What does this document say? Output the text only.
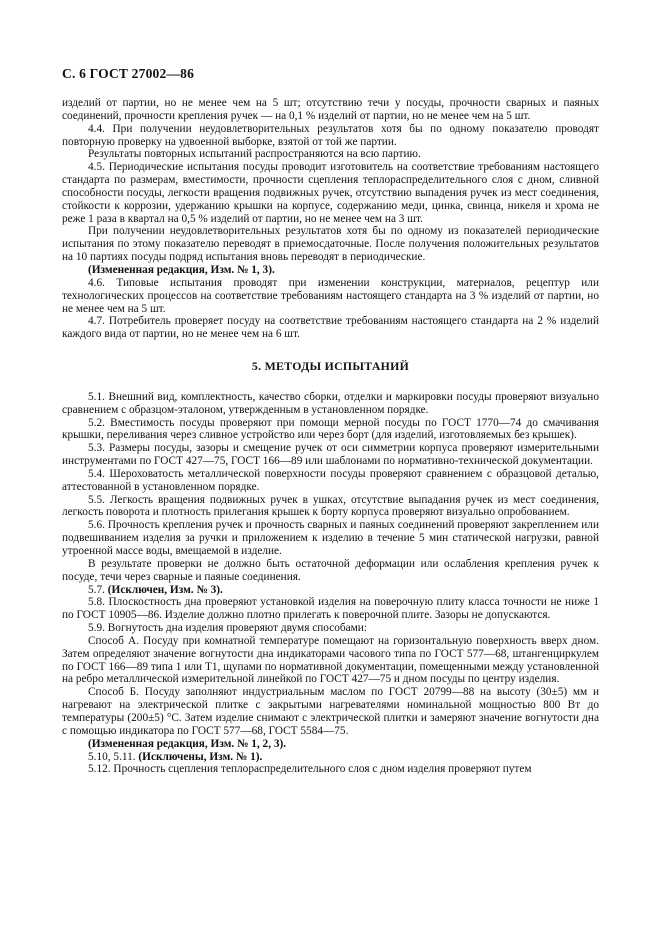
С. 6 ГОСТ 27002—86

изделий от партии, но не менее чем на 5 шт; отсутствию течи у посуды, прочности сварных и паяных соединений, прочности крепления ручек — на 0,1 % изделий от партии, но не менее чем на 5 шт.

4.4. При получении неудовлетворительных результатов хотя бы по одному показателю проводят повторную проверку на удвоенной выборке, взятой от той же партии.

Результаты повторных испытаний распространяются на всю партию.

4.5. Периодические испытания посуды проводит изготовитель на соответствие требованиям настоящего стандарта по размерам, вместимости, прочности сцепления теплораспределительного слоя с дном, сливной способности посуды, легкости вращения подвижных ручек, отсутствию выпадения ручек из мест соединения, стойкости к коррозии, удержанию крышки на корпусе, содержанию меди, цинка, свинца, никеля и хрома не реже 1 раза в квартал на 0,5 % изделий от партии, но не менее чем на 3 шт.

При получении неудовлетворительных результатов хотя бы по одному из показателей периодические испытания по этому показателю переводят в приемосдаточные. После получения положительных результатов на 10 партиях посуды подряд испытания вновь переводят в периодические.

(Измененная редакция, Изм. № 1, 3).

4.6. Типовые испытания проводят при изменении конструкции, материалов, рецептур или технологических процессов на соответствие требованиям настоящего стандарта на 3 % изделий от партии, но не менее чем на 5 шт.

4.7. Потребитель проверяет посуду на соответствие требованиям настоящего стандарта на 2 % изделий каждого вида от партии, но не менее чем на 6 шт.

5. МЕТОДЫ ИСПЫТАНИЙ

5.1. Внешний вид, комплектность, качество сборки, отделки и маркировки посуды проверяют визуально сравнением с образцом-эталоном, утвержденным в установленном порядке.

5.2. Вместимость посуды проверяют при помощи мерной посуды по ГОСТ 1770—74 до смачивания крышки, переливания через сливное устройство или через борт (для изделий, изготовляемых без крышек).

5.3. Размеры посуды, зазоры и смещение ручек от оси симметрии корпуса проверяют измерительными инструментами по ГОСТ 427—75, ГОСТ 166—89 или шаблонами по нормативно-технической документации.

5.4. Шероховатость металлической поверхности посуды проверяют сравнением с образцовой деталью, аттестованной в установленном порядке.

5.5. Легкость вращения подвижных ручек в ушках, отсутствие выпадания ручек из мест соединения, легкость поворота и плотность прилегания крышек к борту корпуса проверяют визуально опробованием.

5.6. Прочность крепления ручек и прочность сварных и паяных соединений проверяют закреплением или подвешиванием изделия за ручки и приложением к изделию в течение 5 мин статической нагрузки, равной утроенной массе воды, вмещаемой в изделие.

В результате проверки не должно быть остаточной деформации или ослабления крепления ручек к посуде, течи через сварные и паяные соединения.

5.7. (Исключен, Изм. № 3).

5.8. Плоскостность дна проверяют установкой изделия на поверочную плиту класса точности не ниже 1 по ГОСТ 10905—86. Изделие должно плотно прилегать к поверочной плите. Зазоры не допускаются.

5.9. Вогнутость дна изделия проверяют двумя способами:

Способ А. Посуду при комнатной температуре помещают на горизонтальную поверхность вверх дном. Затем определяют значение вогнутости дна индикаторами часового типа по ГОСТ 577—68, штангенциркулем по ГОСТ 166—89 типа 1 или Т1, щупами по нормативной документации, помещенными между установленной на ребро металлической измерительной линейкой по ГОСТ 427—75 и дном посуды по центру изделия.

Способ Б. Посуду заполняют индустриальным маслом по ГОСТ 20799—88 на высоту (30±5) мм и нагревают на электрической плитке с закрытыми нагревателями номинальной мощностью 800 Вт до температуры (200±5) °С. Затем изделие снимают с электрической плитки и замеряют значение вогнутости дна с помощью индикатора по ГОСТ 577—68, ГОСТ 5584—75.

(Измененная редакция, Изм. № 1, 2, 3).

5.10, 5.11. (Исключены, Изм. № 1).

5.12. Прочность сцепления теплораспределительного слоя с дном изделия проверяют путем
